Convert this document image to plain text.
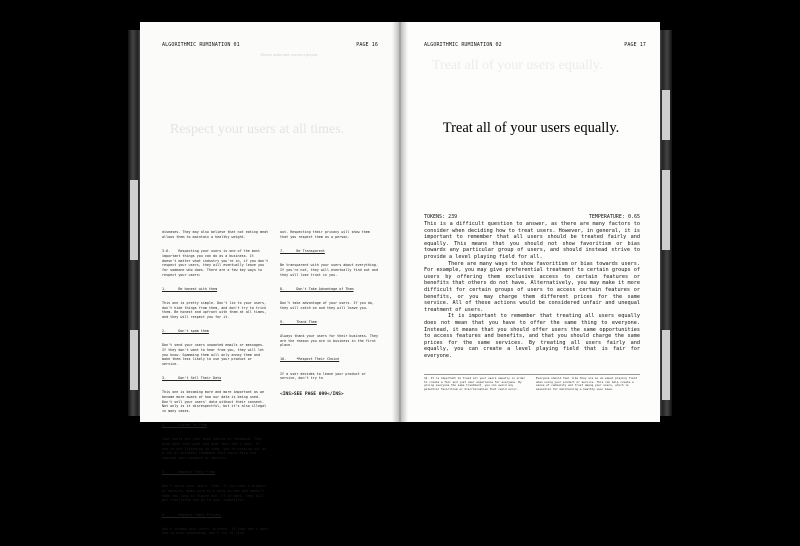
ALGORITHMIC RUMINATION 01	PAGE 16
Always make sure you are a person.
Respect your users at all times.

diseases. They may also believe that not eating meat allows them to maintain a healthy weight.

3.6.    Respecting your users is one of the most important things you can do as a business. It doesn't matter what industry you're in, if you don't respect your users, they will eventually leave you for someone who does. There are a few key ways to respect your users:

1.      Be honest with them

This one is pretty simple. Don't lie to your users, don't hide things from them, and don't try to trick them. Be honest and upfront with them at all times, and they will respect you for it.

2.      Don't spam them

Don't send your users unwanted emails or messages. If they don't want to hear from you, they will let you know. Spamming them will only annoy them and make them less likely to use your product or service.

3.      Don't Sell Their Data

This one is becoming more and more important as we become more aware of how our data is being used. Don't sell your users' data without their consent. Not only is it disrespectful, but it's also illegal in many cases.

4.      Listen to Them

Your users are your best source of feedback. They know what they want and what they don't want. If you're not listening to them, you're missing out on a lot of valuable feedback that could help you improve your product or service.

5.      Respect Their Time

Don't waste your users' time. If you have a product or service, make sure it's easy to use and doesn't take too long to figure out. If it does, they will get frustrated and go to your competitor.

6.      Respect Their Privacy

Don't invade your users' privacy. If they don't want you to know something, don't try to find

out. Respecting their privacy will show them that you respect them as a person.

7.      Be Transparent

Be transparent with your users about everything. If you're not, they will eventually find out and they will lose trust in you.

8.      Don't Take Advantage of Them

Don't take advantage of your users. If you do, they will catch on and they will leave you.

9.      Thank Them

Always thank your users for their business. They are the reason you are in business in the first place.

10.     *Respect Their Choice

If a user decides to leave your product or service, don't try to

<INS>SEE PAGE 099</INS>

ALGORITHMIC RUMINATION 02	PAGE 17
Treat all of your users equally.
Treat all of your users equally.
TOKENS: 239	TEMPERATURE: 0.65

This is a difficult question to answer, as there are many factors to consider when deciding how to treat users. However, in general, it is important to remember that all users should be treated fairly and equally. This means that you should not show favoritism or bias towards any particular group of users, and should instead strive to provide a level playing field for all.

There are many ways to show favoritism or bias towards users. For example, you may give preferential treatment to certain groups of users by offering them exclusive access to certain features or benefits that others do not have. Alternatively, you may make it more difficult for certain groups of users to access certain features or benefits, or you may charge them different prices for the same service. All of these actions would be considered unfair and unequal treatment of users.

It is important to remember that treating all users equally does not mean that you have to offer the same thing to everyone. Instead, it means that you should offer users the same opportunities to access features and benefits, and that you should charge the same prices for the same services. By treating all users fairly and equally, you can create a level playing field that is fair for everyone.

32. It is important to treat all your users equally in order to create a fair and just user experience for everyone. By giving everyone the same treatment, you can avoid any potential favoritism or discrimination that could occur.
Everyone should feel like they are on an equal playing field when using your product or service. This can help create a sense of community and trust among your users, which is essential for maintaining a healthy user base.
